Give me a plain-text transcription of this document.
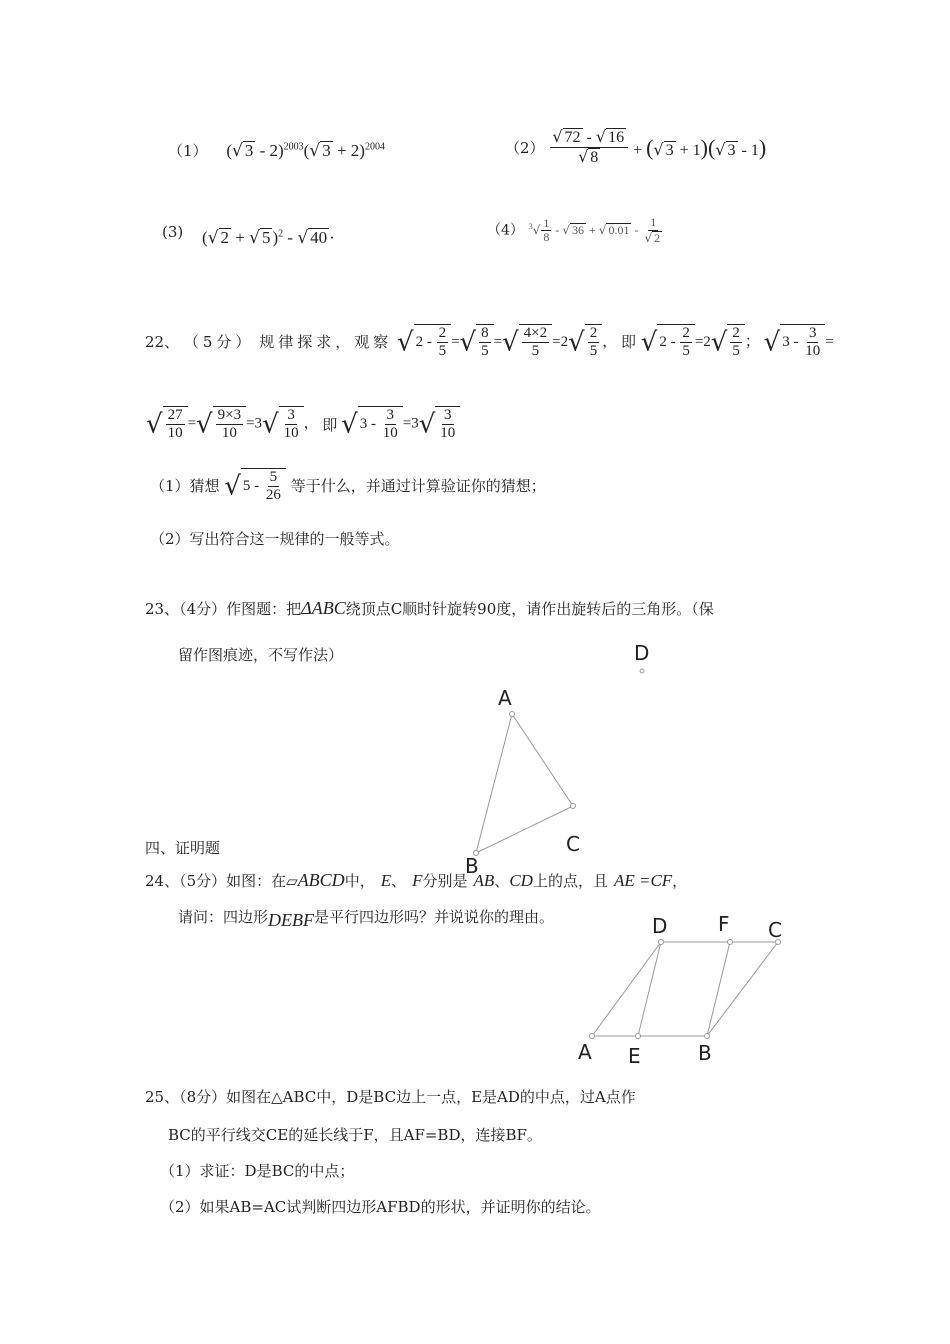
（1） (√ 3 - 2)$^{2003}$(√ 3 + 2)$^{2004}$	$(2) \frac{√ 72 - √ 16}{√ 8}$ + (√ 3 + 1)(√ 3 - 1)
(3) (√ 2 + √ 5 )$^2$ - √ 40 ·	（4） $^3√ \frac{1}{8}$ - √ 36 + √ $0.01 - \frac{1}{√ 2}$
22、 （5分） 规律探求，观察 √ $2 - \frac{2}{5}$ =√ $\frac{8}{5}$ =√ $\frac{4\times 2}{5} =2√ \frac{2}{5}$ ， 即 √ $2 - \frac{2}{5} =2√ \frac{2}{5}$ ； √ $3 - \frac{3}{10}$ =
√ $\frac{27}{10}$ =√ $\frac{9\times 3}{10} =3√ \frac{3}{10}$ ， 即 √ $3 - \frac{3}{10} =3√ \frac{3}{10}$
（1）猜想 √ $5 - \frac{5}{26}$ 等于什么，并通过计算验证你的猜想；
（2）写出符合这一规律的一般等式。
23、（4分）作图题：把ΔABC绕顶点C顺时针旋转90度，请作出旋转后的三角形。（保
留作图痕迹，不写作法）	D
A
C
B
四、证明题
24、（5分）如图：在▱ABCD中， E、 F分别是 AB、CD上的点，且 AE =CF，
请问：四边形DEBF是平行四边形吗？并说说你的理由。	D	F C
A E	B
25、（8分）如图在△ABC中，D是BC边上一点，E是AD的中点，过A点作
BC的平行线交CE的延长线于F，且AF=BD，连接BF。
（1）求证：D是BC的中点；
（2）如果AB=AC试判断四边形AFBD的形状，并证明你的结论。
